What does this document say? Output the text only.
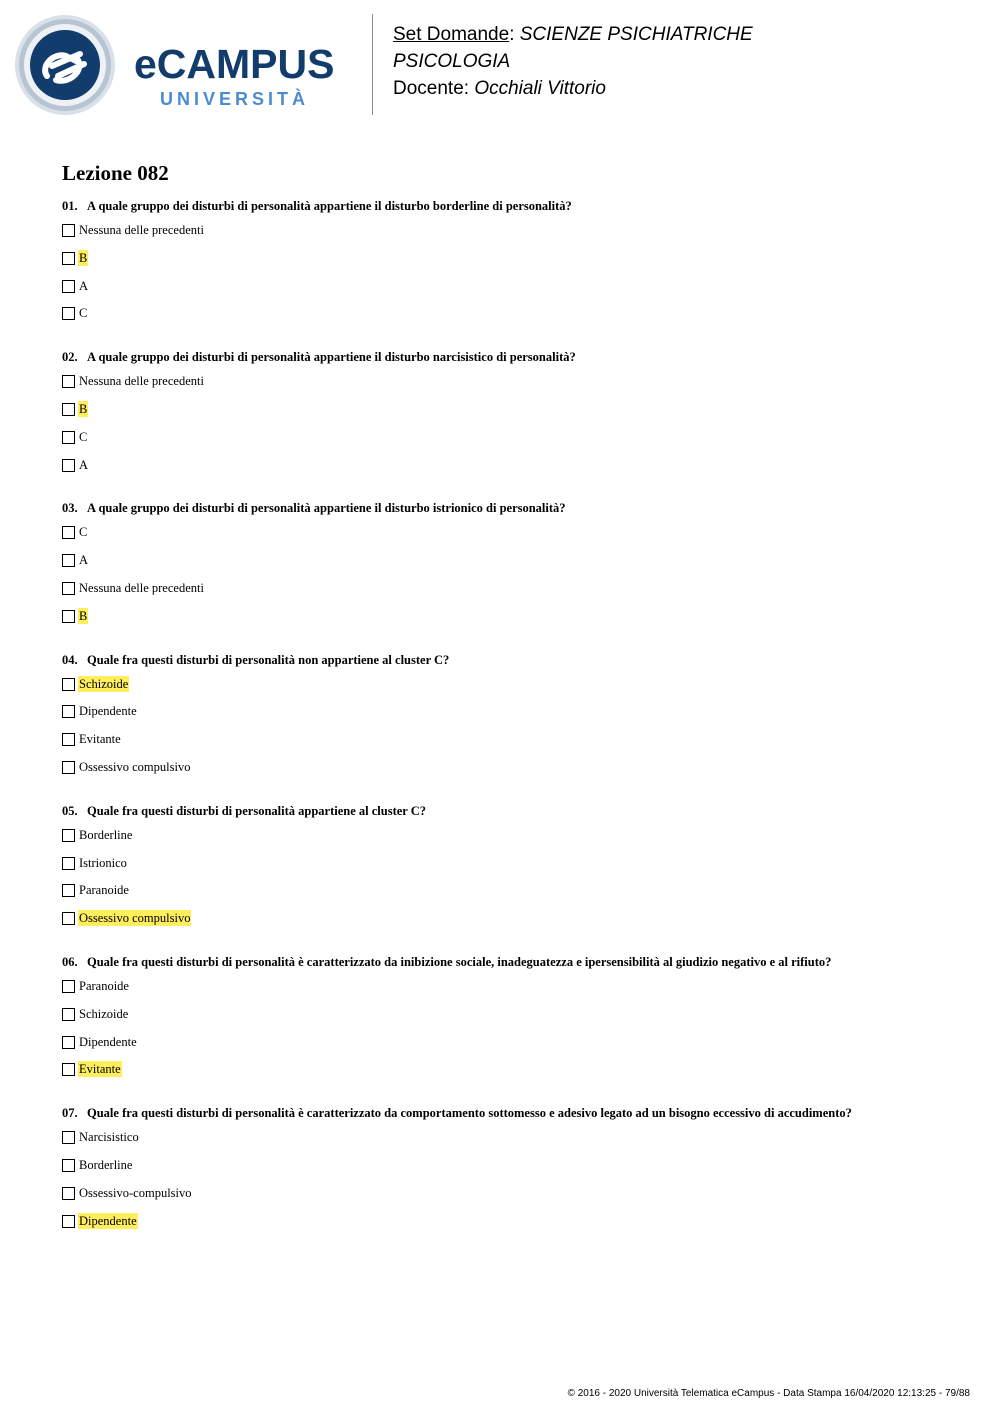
eCAMPUS
UNIVERSITÀ
Set Domande: SCIENZE PSICHIATRICHE
PSICOLOGIA
Docente: Occhiali Vittorio
Lezione 082
01. A quale gruppo dei disturbi di personalità appartiene il disturbo borderline di personalità?
Nessuna delle precedenti
B
A
C
02. A quale gruppo dei disturbi di personalità appartiene il disturbo narcisistico di personalità?
Nessuna delle precedenti
B
C
A
03. A quale gruppo dei disturbi di personalità appartiene il disturbo istrionico di personalità?
C
A
Nessuna delle precedenti
B
04. Quale fra questi disturbi di personalità non appartiene al cluster C?
Schizoide
Dipendente
Evitante
Ossessivo compulsivo
05. Quale fra questi disturbi di personalità appartiene al cluster C?
Borderline
Istrionico
Paranoide
Ossessivo compulsivo
06. Quale fra questi disturbi di personalità è caratterizzato da inibizione sociale, inadeguatezza e ipersensibilità al giudizio negativo e al rifiuto?
Paranoide
Schizoide
Dipendente
Evitante
07. Quale fra questi disturbi di personalità è caratterizzato da comportamento sottomesso e adesivo legato ad un bisogno eccessivo di accudimento?
Narcisistico
Borderline
Ossessivo-compulsivo
Dipendente
© 2016 - 2020 Università Telematica eCampus - Data Stampa 16/04/2020 12:13:25 - 79/88
